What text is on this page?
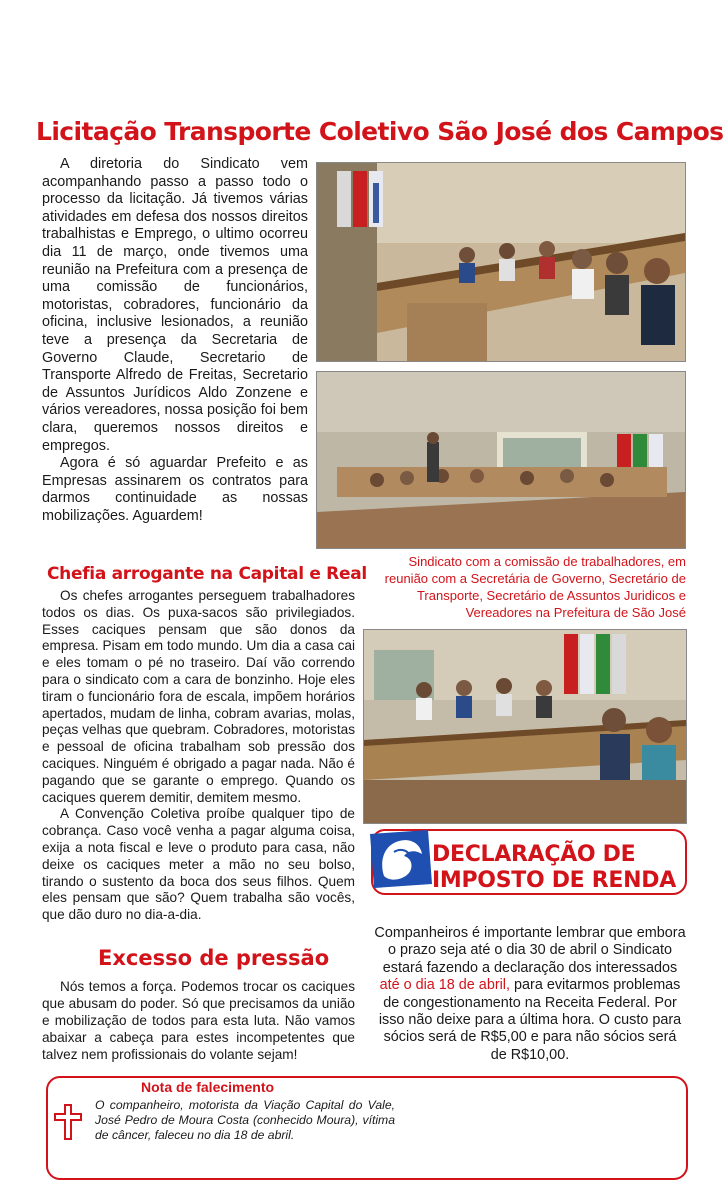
Licitação Transporte Coletivo São José dos Campos

A diretoria do Sindicato vem acompanhando passo a passo todo o processo da licitação. Já tivemos várias atividades em defesa dos nossos direitos trabalhistas e Emprego, o ultimo ocorreu dia 11 de março, onde tivemos uma reunião na Prefeitura com a presença de uma comissão de funcionários, motoristas, cobradores, funcionário da oficina, inclusive lesionados, a reunião teve a presença da Secretaria de Governo Claude, Secretario de Transporte Alfredo de Freitas, Secretario de Assuntos Jurídicos Aldo Zonzene e vários vereadores, nossa posição foi bem clara, queremos nossos direitos e empregos.

Agora é só aguardar Prefeito e as Empresas assinarem os contratos para darmos continuidade as nossas mobilizações. Aguardem!

Sindicato com a comissão de trabalhadores, em reunião com a Secretária de Governo, Secretário de Transporte, Secretário de Assuntos Juridicos e Vereadores na Prefeitura de São José
Chefia arrogante na Capital e Real

Os chefes arrogantes perseguem trabalhadores todos os dias. Os puxa-sacos são privilegiados. Esses caciques pensam que são donos da empresa. Pisam em todo mundo. Um dia a casa cai e eles tomam o pé no traseiro. Daí vão correndo para o sindicato com a cara de bonzinho. Hoje eles tiram o funcionário fora de escala, impõem horários apertados, mudam de linha, cobram avarias, molas, peças velhas que quebram. Cobradores, motoristas e pessoal de oficina trabalham sob pressão dos caciques. Ninguém é obrigado a pagar nada. Não é pagando que se garante o emprego. Quando os caciques querem demitir, demitem mesmo.

A Convenção Coletiva proíbe qualquer tipo de cobrança. Caso você venha a pagar alguma coisa, exija a nota fiscal e leve o produto para casa, não deixe os caciques meter a mão no seu bolso, tirando o sustento da boca dos seus filhos. Quem eles pensam que são? Quem trabalha são vocês, que dão duro no dia-a-dia.

Excesso de pressão

Nós temos a força. Podemos trocar os caciques que abusam do poder. Só que precisamos da união e mobilização de todos para esta luta. Não vamos abaixar a cabeça para estes incompetentes que talvez nem profissionais do volante sejam!

DECLARAÇÃO DE
IMPOSTO DE RENDA
Companheiros é importante lembrar que embora o prazo seja até o dia 30 de abril o Sindicato estará fazendo a declaração dos interessados até o dia 18 de abril, para evitarmos problemas de congestionamento na Receita Federal. Por isso não deixe para a última hora. O custo para sócios será de R$5,00 e para não sócios será de R$10,00.
Nota de falecimento
O companheiro, motorista da Viação Capital do Vale, José Pedro de Moura Costa (conhecido Moura), vítima de câncer, faleceu no dia 18 de abril.
